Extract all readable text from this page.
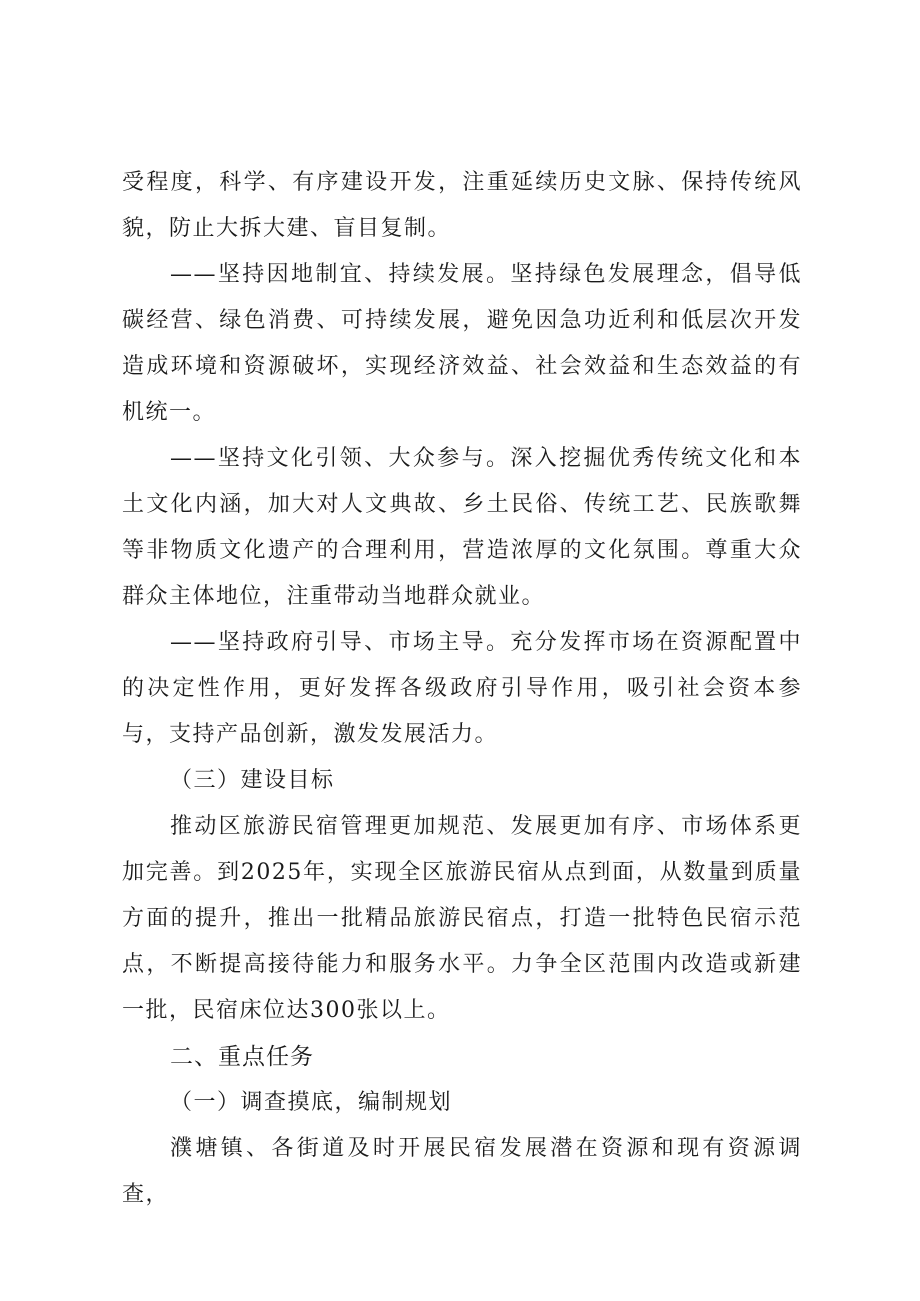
受程度，科学、有序建设开发，注重延续历史文脉、保持传统风貌，防止大拆大建、盲目复制。

——坚持因地制宜、持续发展。坚持绿色发展理念，倡导低碳经营、绿色消费、可持续发展，避免因急功近利和低层次开发造成环境和资源破坏，实现经济效益、社会效益和生态效益的有机统一。

——坚持文化引领、大众参与。深入挖掘优秀传统文化和本土文化内涵，加大对人文典故、乡土民俗、传统工艺、民族歌舞等非物质文化遗产的合理利用，营造浓厚的文化氛围。尊重大众群众主体地位，注重带动当地群众就业。

——坚持政府引导、市场主导。充分发挥市场在资源配置中的决定性作用，更好发挥各级政府引导作用，吸引社会资本参与，支持产品创新，激发发展活力。

（三）建设目标

推动区旅游民宿管理更加规范、发展更加有序、市场体系更加完善。到2025年，实现全区旅游民宿从点到面，从数量到质量方面的提升，推出一批精品旅游民宿点，打造一批特色民宿示范点，不断提高接待能力和服务水平。力争全区范围内改造或新建一批，民宿床位达300张以上。

二、重点任务

（一）调查摸底，编制规划

濮塘镇、各街道及时开展民宿发展潜在资源和现有资源调查，
